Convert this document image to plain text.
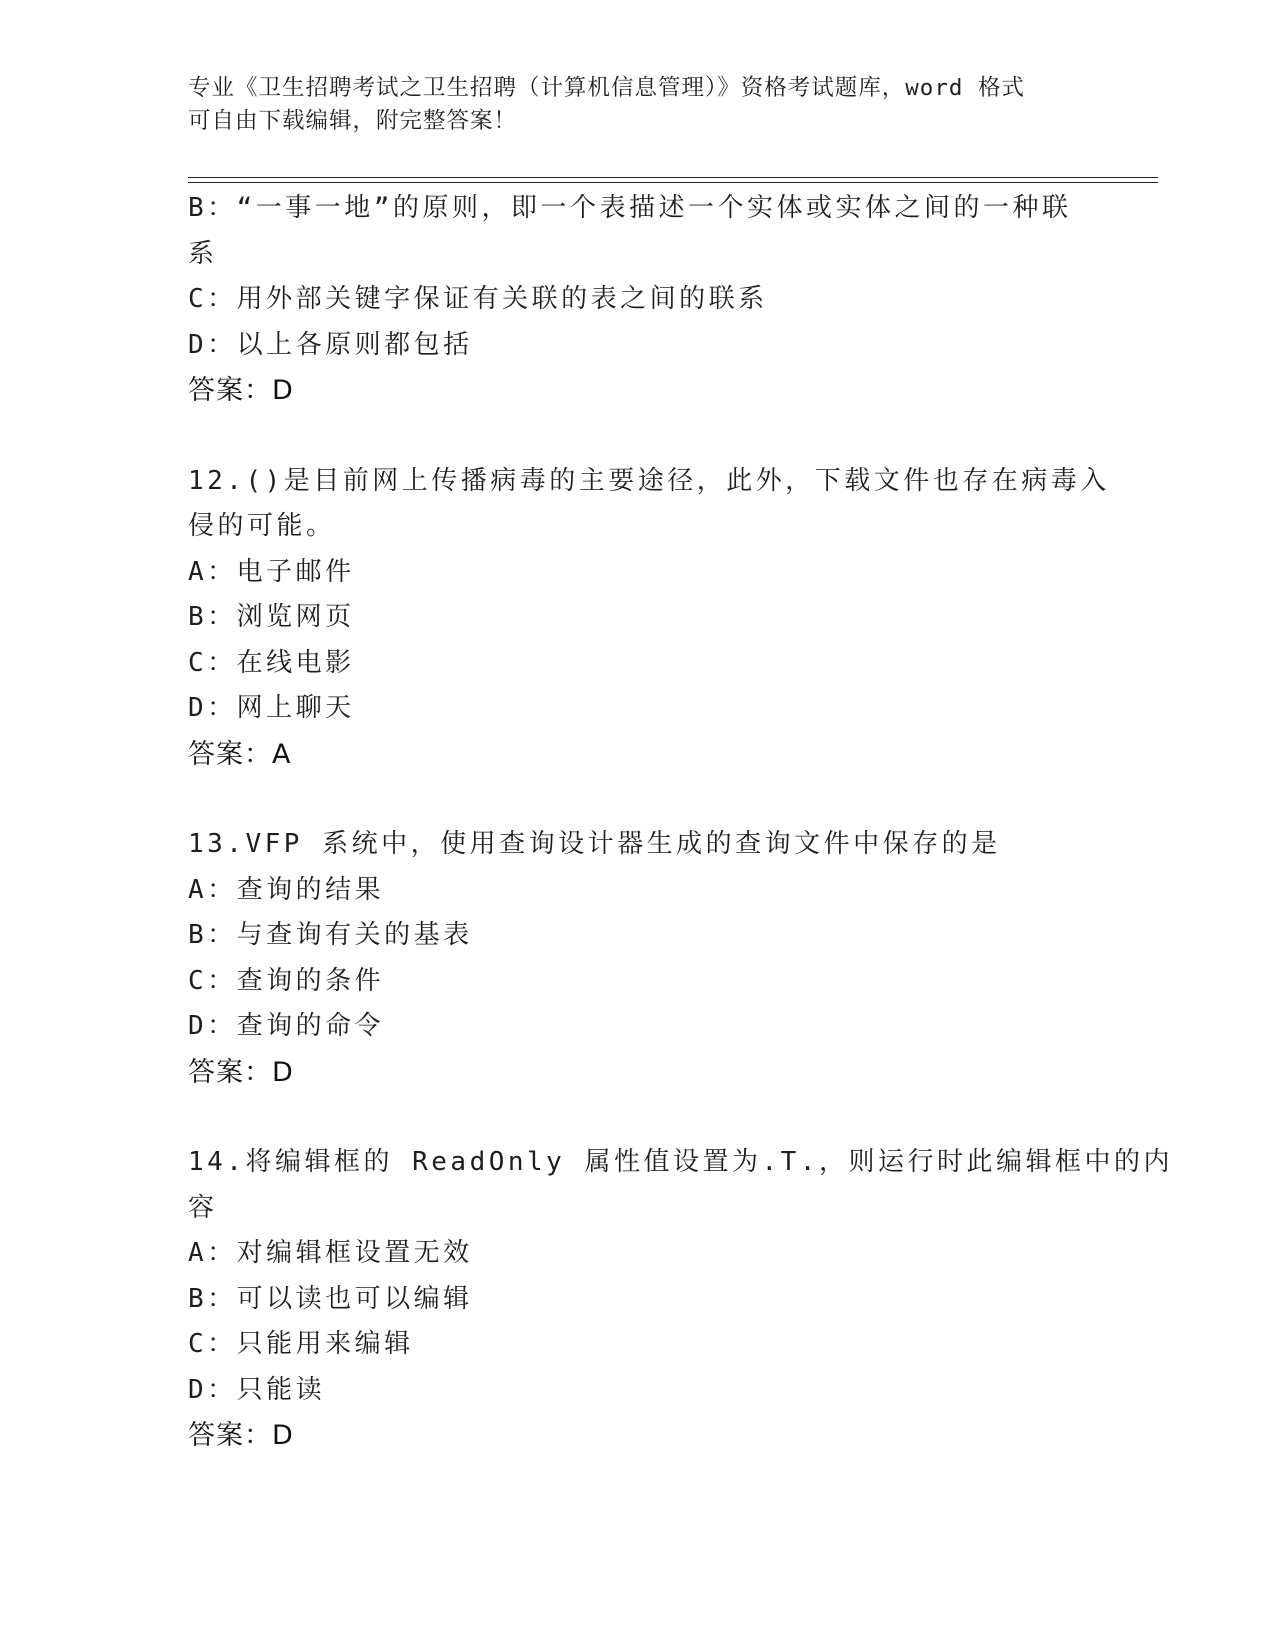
专业《卫生招聘考试之卫生招聘（计算机信息管理）》资格考试题库，word 格式
可自由下载编辑，附完整答案！
B：“一事一地”的原则，即一个表描述一个实体或实体之间的一种联
系
C：用外部关键字保证有关联的表之间的联系
D：以上各原则都包括
答案：D
12.()是目前网上传播病毒的主要途径，此外，下载文件也存在病毒入
侵的可能。
A：电子邮件
B：浏览网页
C：在线电影
D：网上聊天
答案：A
13.VFP 系统中，使用查询设计器生成的查询文件中保存的是
A：查询的结果
B：与查询有关的基表
C：查询的条件
D：查询的命令
答案：D
14.将编辑框的 ReadOnly 属性值设置为.T.，则运行时此编辑框中的内
容
A：对编辑框设置无效
B：可以读也可以编辑
C：只能用来编辑
D：只能读
答案：D
